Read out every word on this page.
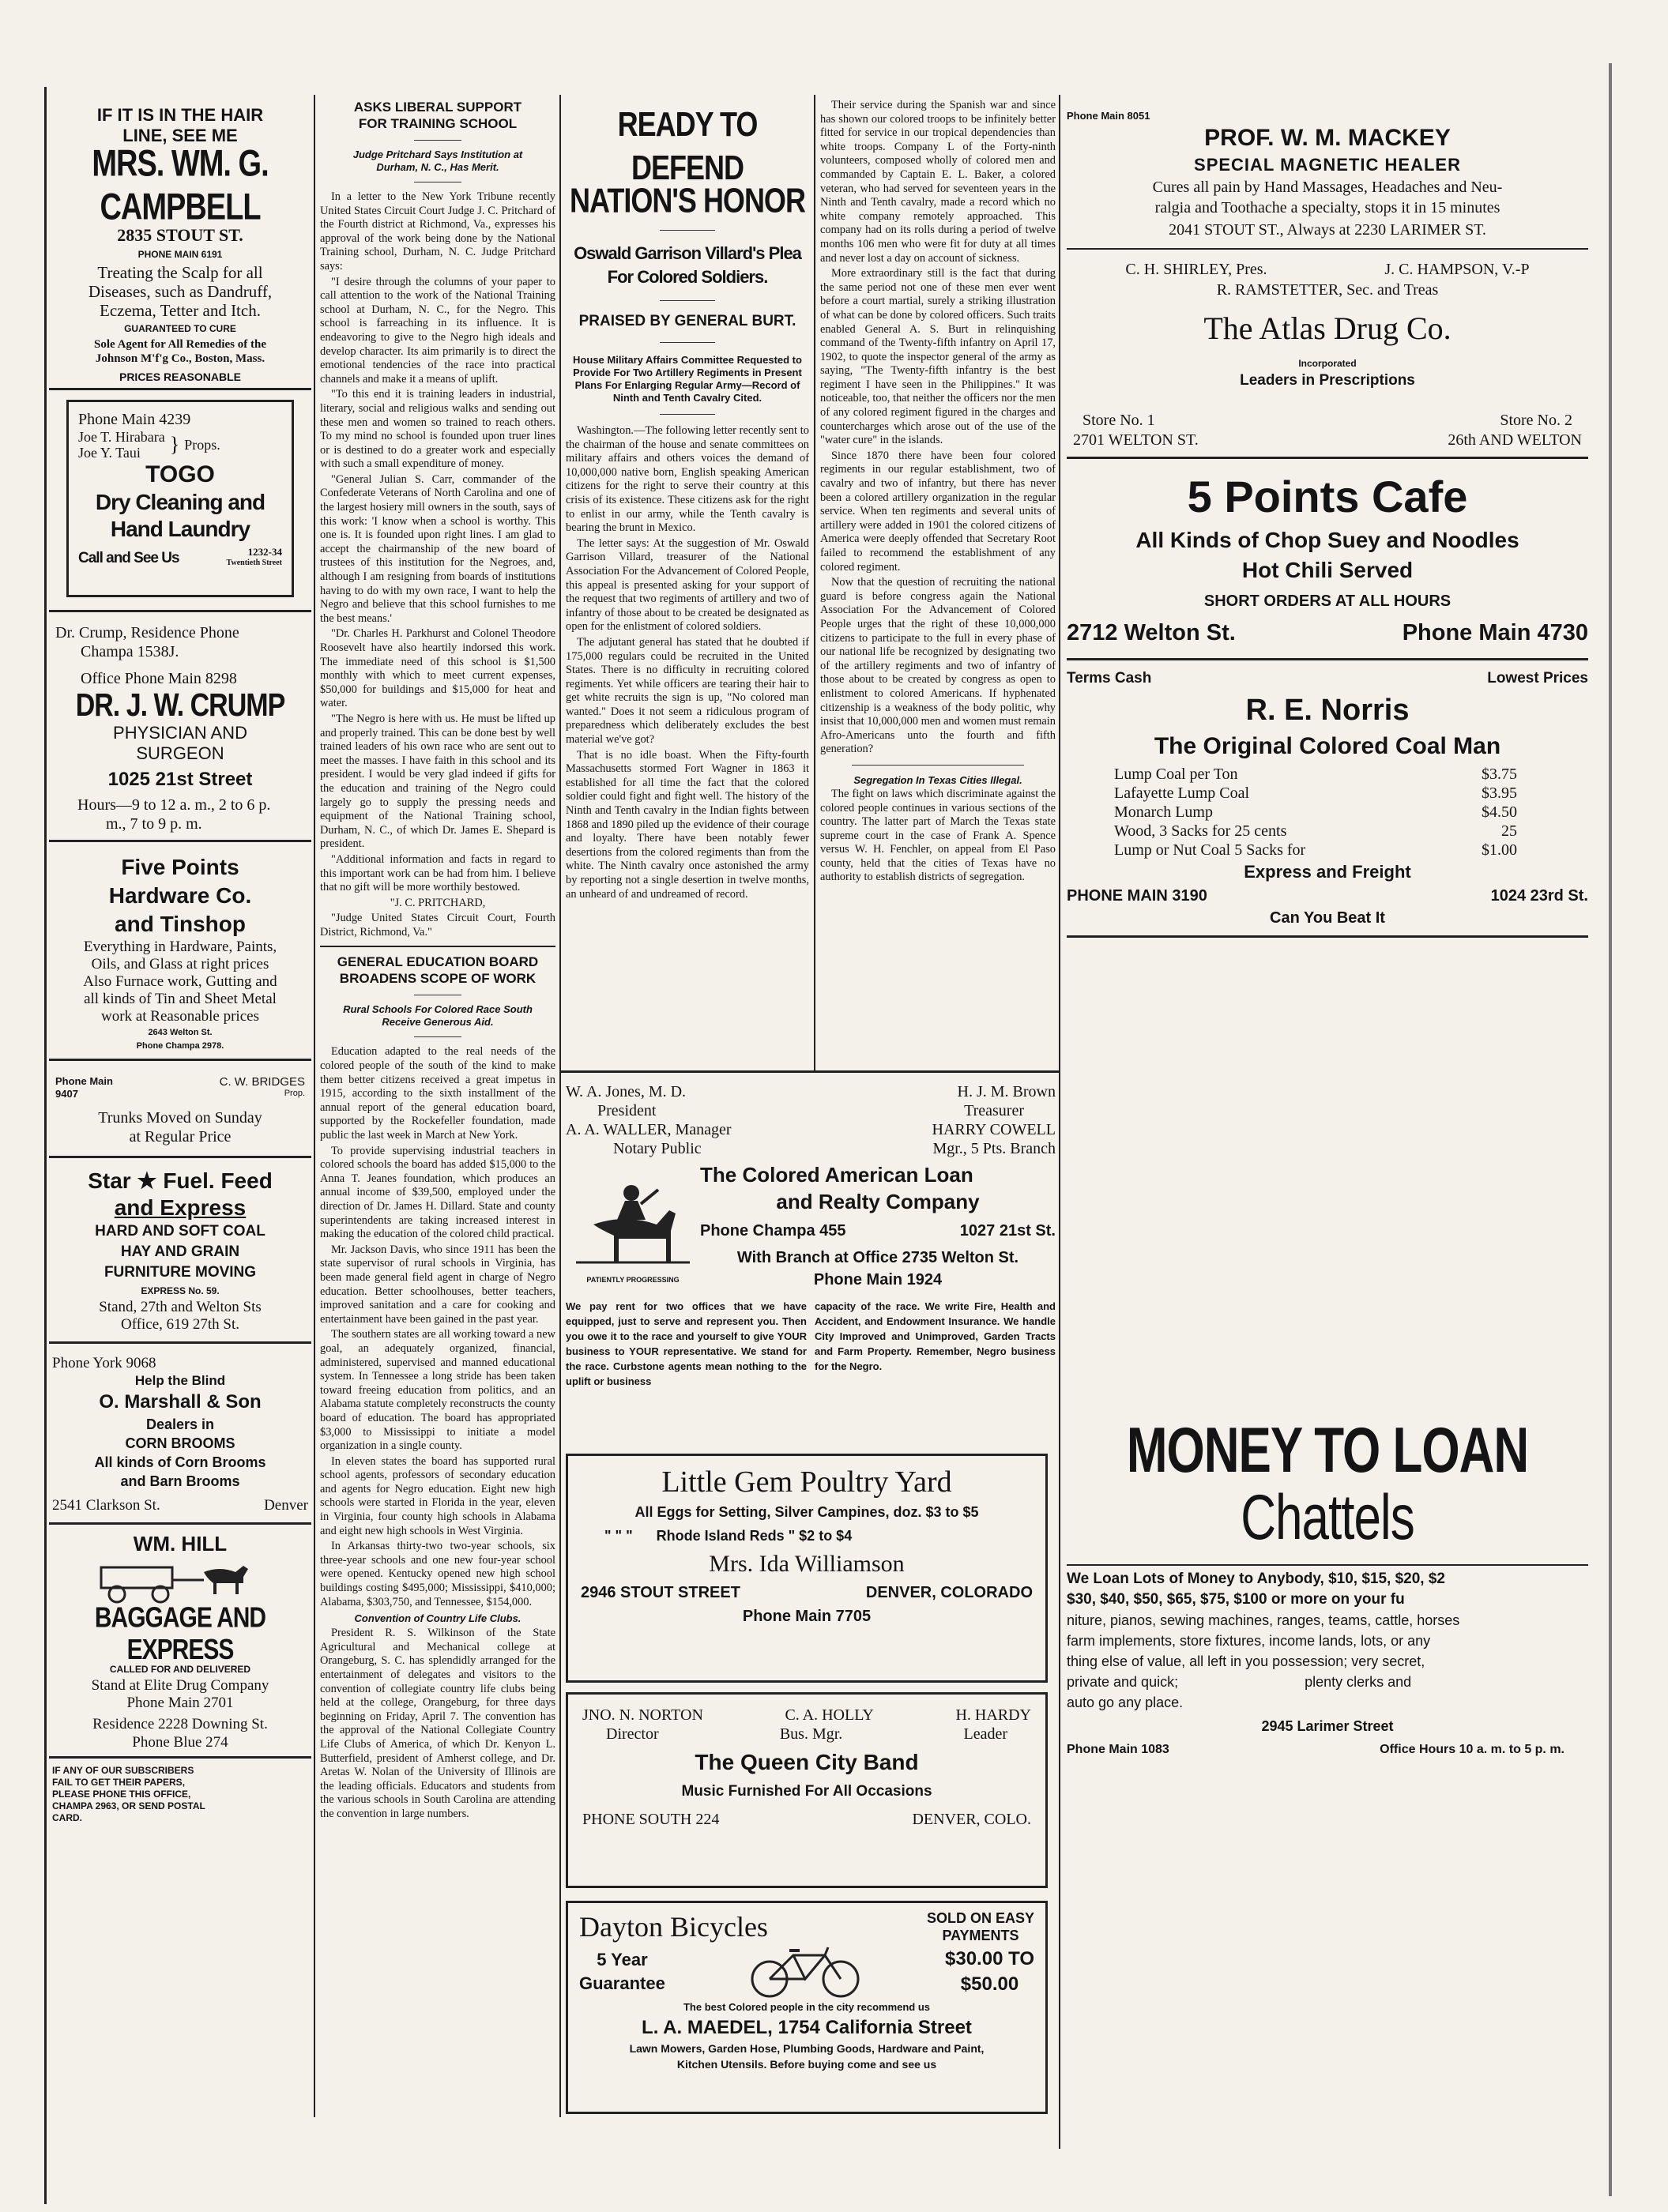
IF IT IS IN THE HAIR
LINE, SEE ME
MRS. WM. G. CAMPBELL
2835 STOUT ST.
PHONE MAIN 6191
Treating the Scalp for all
Diseases, such as Dandruff,
Eczema, Tetter and Itch.
GUARANTEED TO CURE
Sole Agent for All Remedies of the
Johnson M'f'g Co., Boston, Mass.
PRICES REASONABLE
Phone Main 4239
Joe T. Hirabara
Joe Y. Taui	} Props.
TOGO
Dry Cleaning and
Hand Laundry
Call and See Us	1232-34
Twentieth Street
Dr. Crump, Residence Phone
Champa 1538J.
Office Phone Main 8298
DR. J. W. CRUMP
PHYSICIAN AND
SURGEON
1025 21st Street
Hours—9 to 12 a. m., 2 to 6 p.
m., 7 to 9 p. m.
Five Points
Hardware Co.
and Tinshop
Everything in Hardware, Paints,
Oils, and Glass at right prices
Also Furnace work, Gutting and
all kinds of Tin and Sheet Metal
work at Reasonable prices
2643 Welton St.
Phone Champa 2978.
Phone Main
9407
C. W. BRIDGES
Prop.
Trunks Moved on Sunday
at Regular Price
Star ★ Fuel. Feed
and Express
HARD AND SOFT COAL
HAY AND GRAIN
FURNITURE MOVING
EXPRESS No. 59.
Stand, 27th and Welton Sts
Office, 619 27th St.
Phone York 9068
Help the Blind
O. Marshall & Son
Dealers in
CORN BROOMS
All kinds of Corn Brooms
and Barn Brooms
2541 Clarkson St.	Denver
WM. HILL
BAGGAGE AND EXPRESS
CALLED FOR AND DELIVERED
Stand at Elite Drug Company
Phone Main 2701
Residence 2228 Downing St.
Phone Blue 274
IF ANY OF OUR SUBSCRIBERS
FAIL TO GET THEIR PAPERS,
PLEASE PHONE THIS OFFICE,
CHAMPA 2963, OR SEND POSTAL
CARD.
ASKS LIBERAL SUPPORT
FOR TRAINING SCHOOL
Judge Pritchard Says Institution at
Durham, N. C., Has Merit.

In a letter to the New York Tribune recently United States Circuit Court Judge J. C. Pritchard of the Fourth district at Richmond, Va., expresses his approval of the work being done by the National Training school, Durham, N. C. Judge Pritchard says:

"I desire through the columns of your paper to call attention to the work of the National Training school at Durham, N. C., for the Negro. This school is farreaching in its influence. It is endeavoring to give to the Negro high ideals and develop character. Its aim primarily is to direct the emotional tendencies of the race into practical channels and make it a means of uplift.

"To this end it is training leaders in industrial, literary, social and religious walks and sending out these men and women so trained to reach others. To my mind no school is founded upon truer lines or is destined to do a greater work and especially with such a small expenditure of money.

"General Julian S. Carr, commander of the Confederate Veterans of North Carolina and one of the largest hosiery mill owners in the south, says of this work: 'I know when a school is worthy. This one is. It is founded upon right lines. I am glad to accept the chairmanship of the new board of trustees of this institution for the Negroes, and, although I am resigning from boards of institutions having to do with my own race, I want to help the Negro and believe that this school furnishes to me the best means.'

"Dr. Charles H. Parkhurst and Colonel Theodore Roosevelt have also heartily indorsed this work. The immediate need of this school is $1,500 monthly with which to meet current expenses, $50,000 for buildings and $15,000 for heat and water.

"The Negro is here with us. He must be lifted up and properly trained. This can be done best by well trained leaders of his own race who are sent out to meet the masses. I have faith in this school and its president. I would be very glad indeed if gifts for the education and training of the Negro could largely go to supply the pressing needs and equipment of the National Training school, Durham, N. C., of which Dr. James E. Shepard is president.

"Additional information and facts in regard to this important work can be had from him. I believe that no gift will be more worthily bestowed.

"J. C. PRITCHARD,

"Judge United States Circuit Court, Fourth District, Richmond, Va."

GENERAL EDUCATION BOARD
BROADENS SCOPE OF WORK
Rural Schools For Colored Race South
Receive Generous Aid.

Education adapted to the real needs of the colored people of the south of the kind to make them better citizens received a great impetus in 1915, according to the sixth installment of the annual report of the general education board, supported by the Rockefeller foundation, made public the last week in March at New York.

To provide supervising industrial teachers in colored schools the board has added $15,000 to the Anna T. Jeanes foundation, which produces an annual income of $39,500, employed under the direction of Dr. James H. Dillard. State and county superintendents are taking increased interest in making the education of the colored child practical.

Mr. Jackson Davis, who since 1911 has been the state supervisor of rural schools in Virginia, has been made general field agent in charge of Negro education. Better schoolhouses, better teachers, improved sanitation and a care for cooking and entertainment have been gained in the past year.

The southern states are all working toward a new goal, an adequately organized, financial, administered, supervised and manned educational system. In Tennessee a long stride has been taken toward freeing education from politics, and an Alabama statute completely reconstructs the county board of education. The board has appropriated $3,000 to Mississippi to initiate a model organization in a single county.

In eleven states the board has supported rural school agents, professors of secondary education and agents for Negro education. Eight new high schools were started in Florida in the year, eleven in Virginia, four county high schools in Alabama and eight new high schools in West Virginia.

In Arkansas thirty-two two-year schools, six three-year schools and one new four-year school were opened. Kentucky opened new high school buildings costing $495,000; Mississippi, $410,000; Alabama, $303,750, and Tennessee, $154,000.

Convention of Country Life Clubs.

President R. S. Wilkinson of the State Agricultural and Mechanical college at Orangeburg, S. C. has splendidly arranged for the entertainment of delegates and visitors to the convention of collegiate country life clubs being held at the college, Orangeburg, for three days beginning on Friday, April 7. The convention has the approval of the National Collegiate Country Life Clubs of America, of which Dr. Kenyon L. Butterfield, president of Amherst college, and Dr. Aretas W. Nolan of the University of Illinois are the leading officials. Educators and students from the various schools in South Carolina are attending the convention in large numbers.

READY TO DEFEND
NATION'S HONOR
Oswald Garrison Villard's Plea
For Colored Soldiers.
PRAISED BY GENERAL BURT.
House Military Affairs Committee Requested to Provide For Two Artillery Regiments in Present Plans For Enlarging Regular Army—Record of Ninth and Tenth Cavalry Cited.

Washington.—The following letter recently sent to the chairman of the house and senate committees on military affairs and others voices the demand of 10,000,000 native born, English speaking American citizens for the right to serve their country at this crisis of its existence. These citizens ask for the right to enlist in our army, while the Tenth cavalry is bearing the brunt in Mexico.

The letter says: At the suggestion of Mr. Oswald Garrison Villard, treasurer of the National Association For the Advancement of Colored People, this appeal is presented asking for your support of the request that two regiments of artillery and two of infantry of those about to be created be designated as open for the enlistment of colored soldiers.

The adjutant general has stated that he doubted if 175,000 regulars could be recruited in the United States. There is no difficulty in recruiting colored regiments. Yet while officers are tearing their hair to get white recruits the sign is up, "No colored man wanted." Does it not seem a ridiculous program of preparedness which deliberately excludes the best material we've got?

That is no idle boast. When the Fifty-fourth Massachusetts stormed Fort Wagner in 1863 it established for all time the fact that the colored soldier could fight and fight well. The history of the Ninth and Tenth cavalry in the Indian fights between 1868 and 1890 piled up the evidence of their courage and loyalty. There have been notably fewer desertions from the colored regiments than from the white. The Ninth cavalry once astonished the army by reporting not a single desertion in twelve months, an unheard of and undreamed of record.

Their service during the Spanish war and since has shown our colored troops to be infinitely better fitted for service in our tropical dependencies than white troops. Company L of the Forty-ninth volunteers, composed wholly of colored men and commanded by Captain E. L. Baker, a colored veteran, who had served for seventeen years in the Ninth and Tenth cavalry, made a record which no white company remotely approached. This company had on its rolls during a period of twelve months 106 men who were fit for duty at all times and never lost a day on account of sickness.

More extraordinary still is the fact that during the same period not one of these men ever went before a court martial, surely a striking illustration of what can be done by colored officers. Such traits enabled General A. S. Burt in relinquishing command of the Twenty-fifth infantry on April 17, 1902, to quote the inspector general of the army as saying, "The Twenty-fifth infantry is the best regiment I have seen in the Philippines." It was noticeable, too, that neither the officers nor the men of any colored regiment figured in the charges and countercharges which arose out of the use of the "water cure" in the islands.

Since 1870 there have been four colored regiments in our regular establishment, two of cavalry and two of infantry, but there has never been a colored artillery organization in the regular service. When ten regiments and several units of artillery were added in 1901 the colored citizens of America were deeply offended that Secretary Root failed to recommend the establishment of any colored regiment.

Now that the question of recruiting the national guard is before congress again the National Association For the Advancement of Colored People urges that the right of these 10,000,000 citizens to participate to the full in every phase of our national life be recognized by designating two of the artillery regiments and two of infantry of those about to be created by congress as open to enlistment to colored Americans. If hyphenated citizenship is a weakness of the body politic, why insist that 10,000,000 men and women must remain Afro-Americans unto the fourth and fifth generation?

Segregation In Texas Cities Illegal.

The fight on laws which discriminate against the colored people continues in various sections of the country. The latter part of March the Texas state supreme court in the case of Frank A. Spence versus W. H. Fenchler, on appeal from El Paso county, held that the cities of Texas have no authority to establish districts of segregation.

W. A. Jones, M. D.	H. J. M. Brown
President	Treasurer
A. A. WALLER, Manager	HARRY COWELL
Notary Public	Mgr., 5 Pts. Branch
PATIENTLY PROGRESSING
The Colored American Loan
and Realty Company
Phone Champa 455	1027 21st St.
With Branch at Office 2735 Welton St.
Phone Main 1924
We pay rent for two offices that we have equipped, just to serve and represent you. Then you owe it to the race and yourself to give YOUR business to YOUR representative. We stand for the race. Curbstone agents mean nothing to the uplift or business
capacity of the race. We write Fire, Health and Accident, and Endowment Insurance. We handle City Improved and Unimproved, Garden Tracts and Farm Property. Remember, Negro business for the Negro.
Little Gem Poultry Yard
All Eggs for Setting, Silver Campines, doz. $3 to $5
" " " Rhode Island Reds " $2 to $4
Mrs. Ida Williamson
2946 STOUT STREET	DENVER, COLORADO
Phone Main 7705
JNO. N. NORTON	C. A. HOLLY	H. HARDY
Director	Bus. Mgr.	Leader
The Queen City Band
Music Furnished For All Occasions
PHONE SOUTH 224	DENVER, COLO.
Dayton Bicycles	SOLD ON EASY
PAYMENTS
5 Year
Guarantee
$30.00 TO
$50.00
The best Colored people in the city recommend us
L. A. MAEDEL, 1754 California Street
Lawn Mowers, Garden Hose, Plumbing Goods, Hardware and Paint,
Kitchen Utensils. Before buying come and see us
Phone Main 8051
PROF. W. M. MACKEY
SPECIAL MAGNETIC HEALER
Cures all pain by Hand Massages, Headaches and Neu-
ralgia and Toothache a specialty, stops it in 15 minutes
2041 STOUT ST., Always at 2230 LARIMER ST.
C. H. SHIRLEY, Pres.	J. C. HAMPSON, V.-P
R. RAMSTETTER, Sec. and Treas
The Atlas Drug Co.
Incorporated
Leaders in Prescriptions
Store No. 1	Store No. 2
2701 WELTON ST.	26th AND WELTON
5 Points Cafe
All Kinds of Chop Suey and Noodles
Hot Chili Served
SHORT ORDERS AT ALL HOURS
2712 Welton St.	Phone Main 4730
Terms Cash	Lowest Prices
R. E. Norris
The Original Colored Coal Man
Lump Coal per Ton	$3.75
Lafayette Lump Coal	$3.95
Monarch Lump	$4.50
Wood, 3 Sacks for 25 cents	25
Lump or Nut Coal 5 Sacks for	$1.00
Express and Freight
PHONE MAIN 3190	1024 23rd St.
Can You Beat It
MONEY TO LOAN
Chattels
We Loan Lots of Money to Anybody, $10, $15, $20, $2
$30, $40, $50, $65, $75, $100 or more on your fu
niture, pianos, sewing machines, ranges, teams, cattle, horses
farm implements, store fixtures, income lands, lots, or any
thing else of value, all left in you possession; very secret,
private and quick;	plenty clerks and
auto go any place.
2945 Larimer Street
Phone Main 1083	Office Hours 10 a. m. to 5 p. m.
